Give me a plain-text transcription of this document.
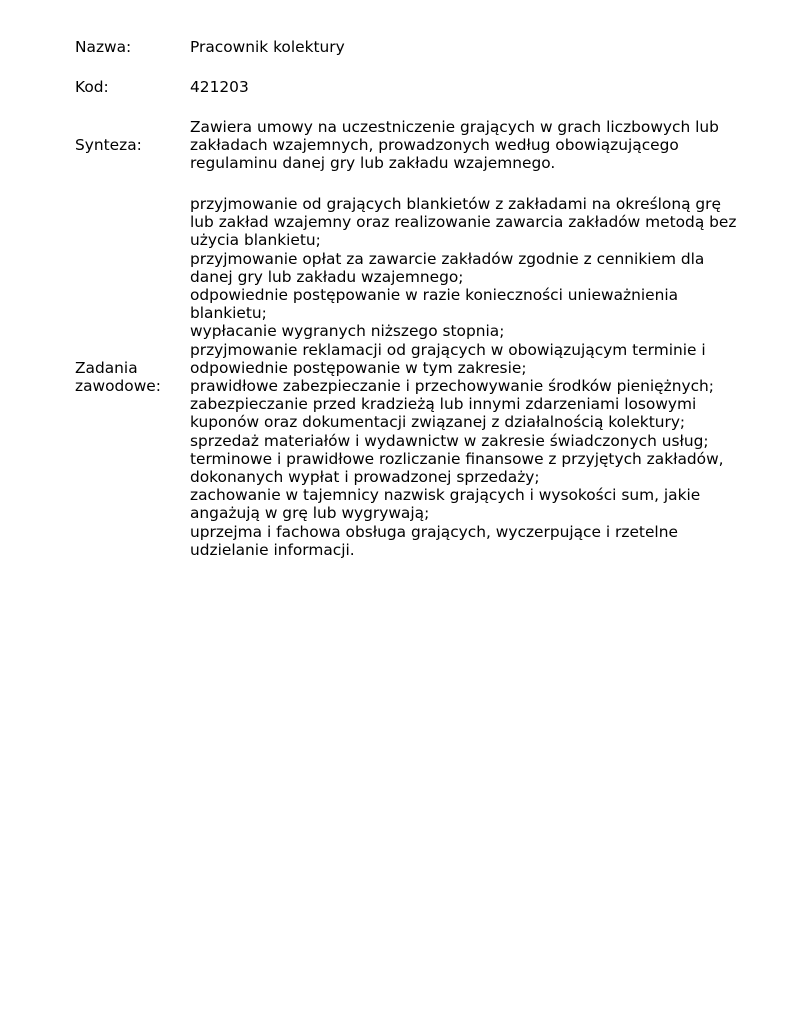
Nazwa:	Pracownik kolektury
Kod:	421203
Synteza:
Zawiera umowy na uczestniczenie grających w grach liczbowych lub
zakładach wzajemnych, prowadzonych według obowiązującego
regulaminu danej gry lub zakładu wzajemnego.
Zadania
zawodowe:
przyjmowanie od grających blankietów z zakładami na określoną grę
lub zakład wzajemny oraz realizowanie zawarcia zakładów metodą bez
użycia blankietu;
przyjmowanie opłat za zawarcie zakładów zgodnie z cennikiem dla
danej gry lub zakładu wzajemnego;
odpowiednie postępowanie w razie konieczności unieważnienia
blankietu;
wypłacanie wygranych niższego stopnia;
przyjmowanie reklamacji od grających w obowiązującym terminie i
odpowiednie postępowanie w tym zakresie;
prawidłowe zabezpieczanie i przechowywanie środków pieniężnych;
zabezpieczanie przed kradzieżą lub innymi zdarzeniami losowymi
kuponów oraz dokumentacji związanej z działalnością kolektury;
sprzedaż materiałów i wydawnictw w zakresie świadczonych usług;
terminowe i prawidłowe rozliczanie finansowe z przyjętych zakładów,
dokonanych wypłat i prowadzonej sprzedaży;
zachowanie w tajemnicy nazwisk grających i wysokości sum, jakie
angażują w grę lub wygrywają;
uprzejma i fachowa obsługa grających, wyczerpujące i rzetelne
udzielanie informacji.
